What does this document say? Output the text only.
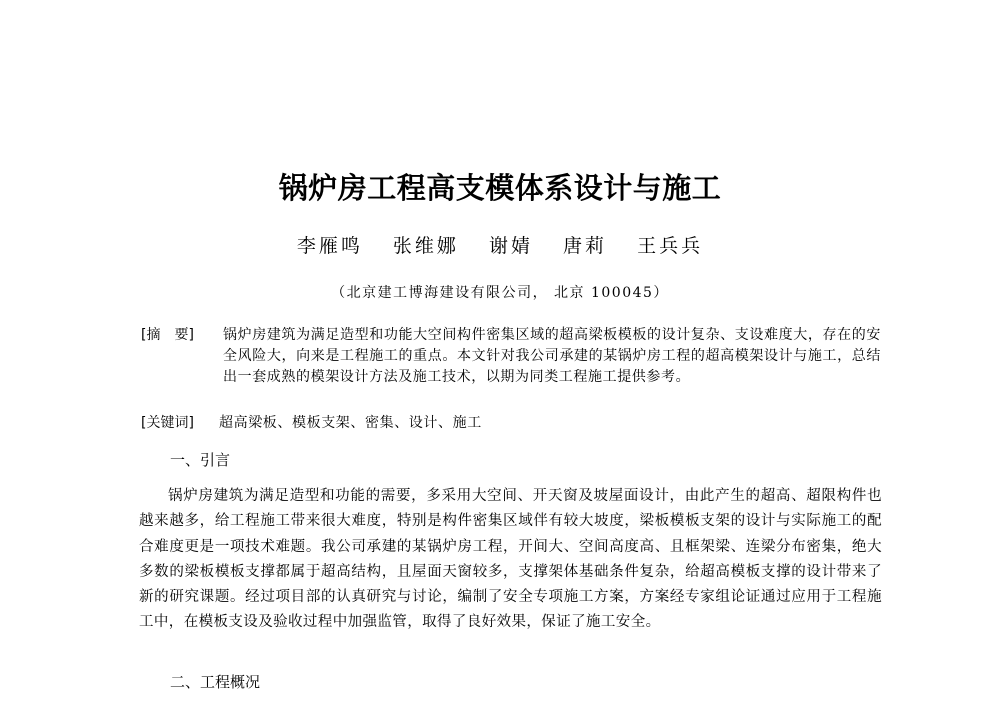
锅炉房工程高支模体系设计与施工
李雁鸣 张维娜 谢婧 唐莉 王兵兵
（北京建工博海建设有限公司， 北京 100045）
[摘　要]	锅炉房建筑为满足造型和功能大空间构件密集区域的超高梁板模板的设计复杂、支设难度大，存在的安全风险大，向来是工程施工的重点。本文针对我公司承建的某锅炉房工程的超高模架设计与施工，总结出一套成熟的模架设计方法及施工技术，以期为同类工程施工提供参考。
[关键词] 超高梁板、模板支架、密集、设计、施工
一、引言
锅炉房建筑为满足造型和功能的需要，多采用大空间、开天窗及坡屋面设计，由此产生的超高、超限构件也越来越多，给工程施工带来很大难度，特别是构件密集区域伴有较大坡度，梁板模板支架的设计与实际施工的配合难度更是一项技术难题。我公司承建的某锅炉房工程，开间大、空间高度高、且框架梁、连梁分布密集，绝大多数的梁板模板支撑都属于超高结构，且屋面天窗较多，支撑架体基础条件复杂，给超高模板支撑的设计带来了新的研究课题。经过项目部的认真研究与讨论，编制了安全专项施工方案，方案经专家组论证通过应用于工程施工中，在模板支设及验收过程中加强监管，取得了良好效果，保证了施工安全。
二、工程概况
